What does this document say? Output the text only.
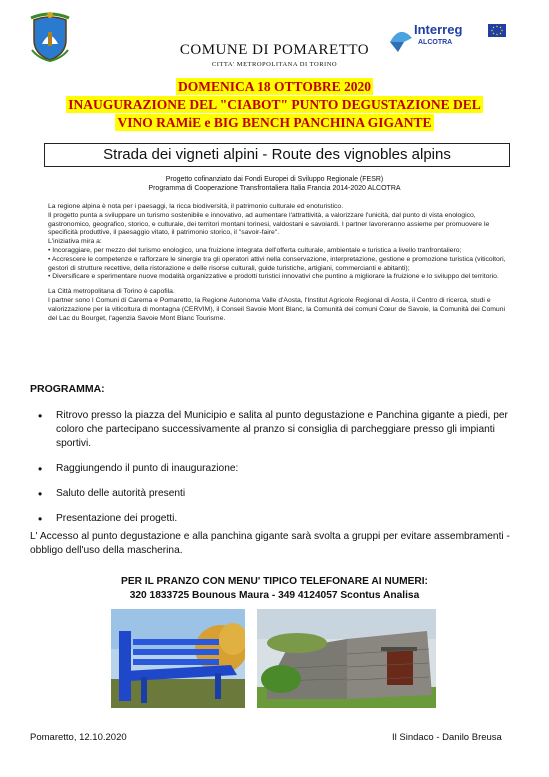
Interreg
ALCOTRA
COMUNE DI POMARETTO
CITTA' METROPOLITANA DI TORINO
DOMENICA 18 OTTOBRE 2020
INAUGURAZIONE DEL "CIABOT" PUNTO DEGUSTAZIONE DEL
VINO RAMiE e BIG BENCH PANCHINA GIGANTE
Strada dei vigneti alpini - Route des vignobles alpins
Progetto cofinanziato dai Fondi Europei di Sviluppo Regionale (FESR)
Programma di Cooperazione Transfrontaliera Italia Francia 2014-2020 ALCOTRA

La regione alpina è nota per i paesaggi, la ricca biodiversità, il patrimonio culturale ed enoturistico.

Il progetto punta a sviluppare un turismo sostenibile e innovativo, ad aumentare l'attrattività, a valorizzare l'unicità, dal punto di vista enologico, gastronomico, geografico, storico, e culturale, dei territori montani torinesi, valdostani e savoiardi. I partner lavoreranno assieme per promuovere le specificità produttive, il paesaggio vitato, il patrimonio storico, il "savoir-faire".

L'iniziativa mira a:

• Incoraggiare, per mezzo del turismo enologico, una fruizione integrata dell'offerta culturale, ambientale e turistica a livello tranfrontaliero;

• Accrescere le competenze e rafforzare le sinergie tra gli operatori attivi nella conservazione, interpretazione, gestione e promozione turistica (viticoltori, gestori di strutture recettive, della ristorazione e delle risorse culturali, guide turistiche, artigiani, commercianti e abitanti);

• Diversificare e sperimentare nuove modalità organizzative e prodotti turistici innovativi che puntino a migliorare la fruizione e lo sviluppo del territorio.

La Città metropolitana di Torino è capofila.

I partner sono I Comuni di Carema e Pomaretto, la Regione Autonoma Valle d'Aosta, l'Institut Agricole Regional di Aosta, il Centro di ricerca, studi e valorizzazione per la viticoltura di montagna (CERVIM), il Conseil Savoie Mont Blanc, la Comunità dei comuni Cœur de Savoie, la Comunità dei Comuni del Lac du Bourget, l'agenzia Savoie Mont Blanc Tourisme.

PROGRAMMA:
• Ritrovo presso la piazza del Municipio e salita al punto degustazione e Panchina gigante a piedi, per coloro che partecipano successivamente al pranzo si consiglia di parcheggiare presso gli impianti sportivi.
• Raggiungendo il punto di inaugurazione:
• Saluto delle autorità presenti
• Presentazione dei progetti.
L' Accesso al punto degustazione e alla panchina gigante sarà svolta a gruppi per evitare assembramenti - obbligo dell'uso della mascherina.
PER IL PRANZO CON MENU' TIPICO TELEFONARE AI NUMERI:
320 1833725 Bounous Maura - 349 4124057 Scontus Analisa
Pomaretto, 12.10.2020	Il Sindaco - Danilo Breusa
